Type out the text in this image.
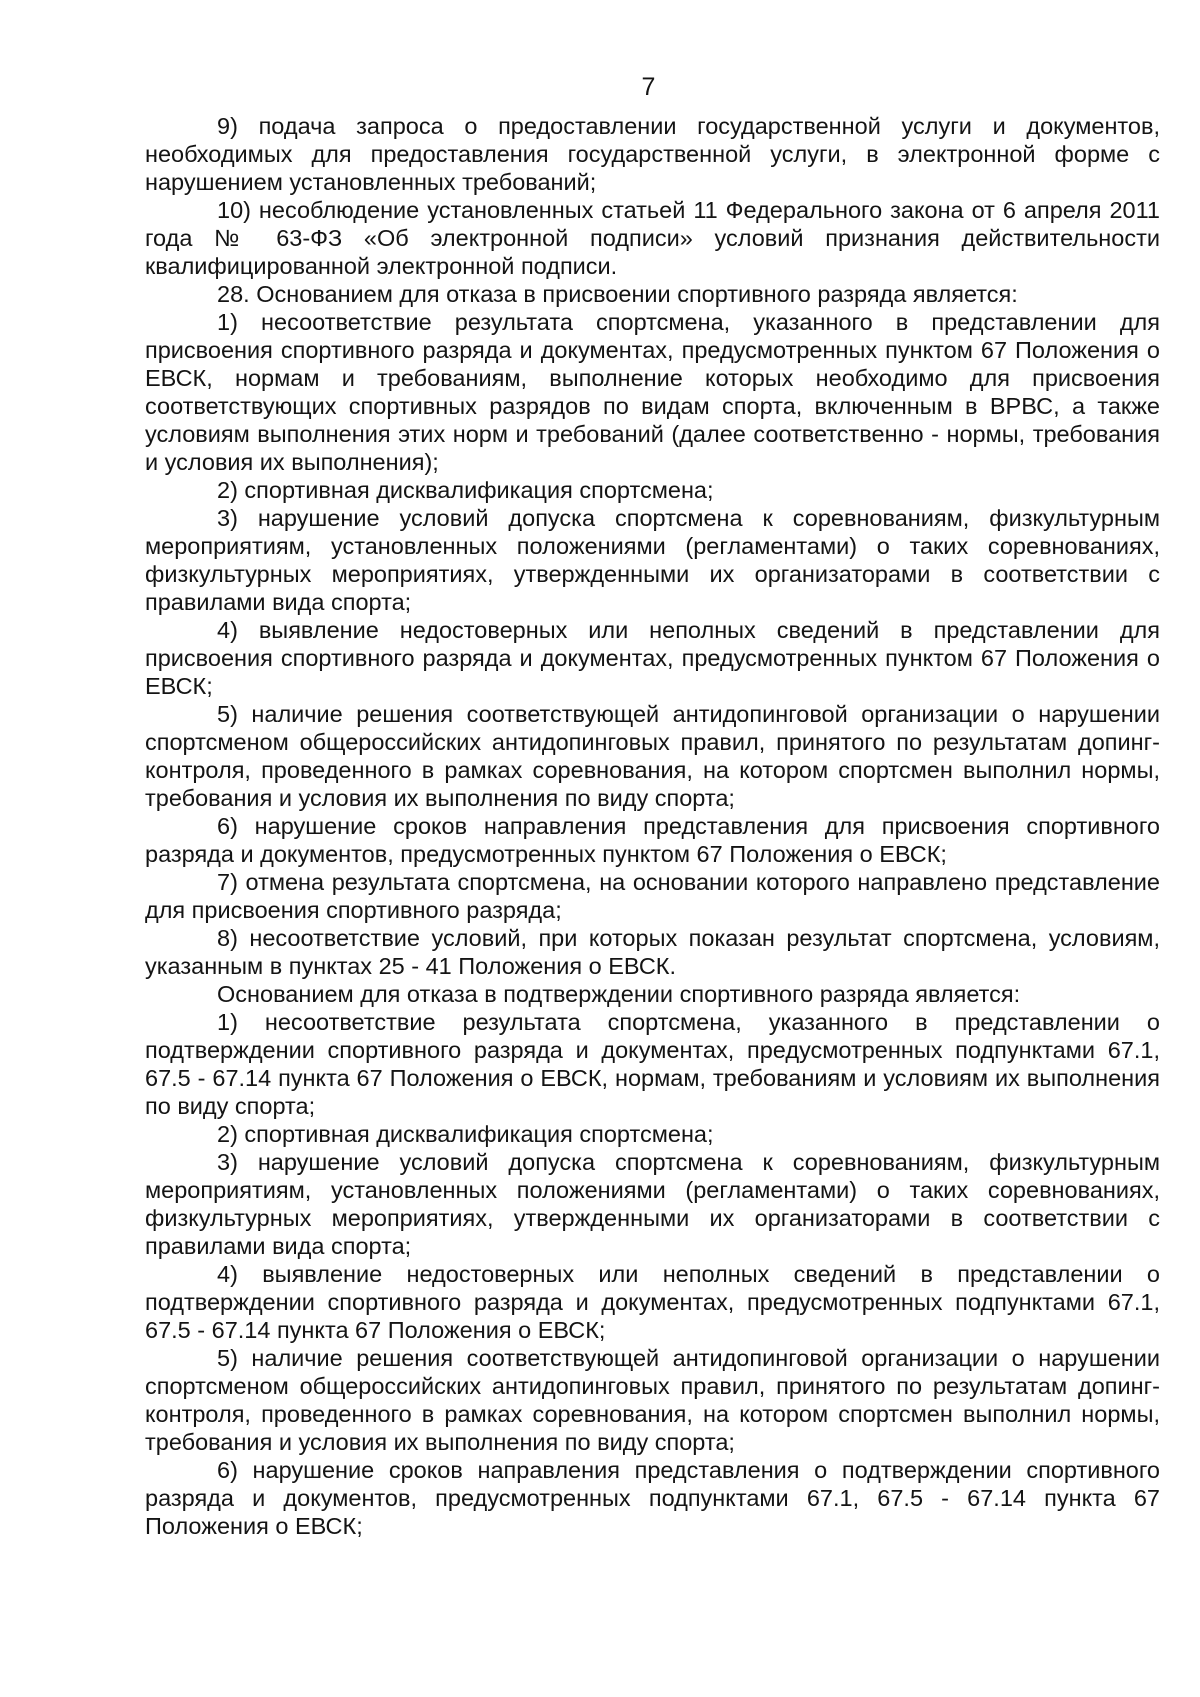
7

9) подача запроса о предоставлении государственной услуги и документов, необходимых для предоставления государственной услуги, в электронной форме с нарушением установленных требований;

10) несоблюдение установленных статьей 11 Федерального закона от 6 апреля 2011 года № 63-ФЗ «Об электронной подписи» условий признания действительности квалифицированной электронной подписи.

28. Основанием для отказа в присвоении спортивного разряда является:

1) несоответствие результата спортсмена, указанного в представлении для присвоения спортивного разряда и документах, предусмотренных пунктом 67 Положения о ЕВСК, нормам и требованиям, выполнение которых необходимо для присвоения соответствующих спортивных разрядов по видам спорта, включенным в ВРВС, а также условиям выполнения этих норм и требований (далее соответственно - нормы, требования и условия их выполнения);

2) спортивная дисквалификация спортсмена;

3) нарушение условий допуска спортсмена к соревнованиям, физкультурным мероприятиям, установленных положениями (регламентами) о таких соревнованиях, физкультурных мероприятиях, утвержденными их организаторами в соответствии с правилами вида спорта;

4) выявление недостоверных или неполных сведений в представлении для присвоения спортивного разряда и документах, предусмотренных пунктом 67 Положения о ЕВСК;

5) наличие решения соответствующей антидопинговой организации о нарушении спортсменом общероссийских антидопинговых правил, принятого по результатам допинг-контроля, проведенного в рамках соревнования, на котором спортсмен выполнил нормы, требования и условия их выполнения по виду спорта;

6) нарушение сроков направления представления для присвоения спортивного разряда и документов, предусмотренных пунктом 67 Положения о ЕВСК;

7) отмена результата спортсмена, на основании которого направлено представление для присвоения спортивного разряда;

8) несоответствие условий, при которых показан результат спортсмена, условиям, указанным в пунктах 25 - 41 Положения о ЕВСК.

Основанием для отказа в подтверждении спортивного разряда является:

1) несоответствие результата спортсмена, указанного в представлении о подтверждении спортивного разряда и документах, предусмотренных подпунктами 67.1, 67.5 - 67.14 пункта 67 Положения о ЕВСК, нормам, требованиям и условиям их выполнения по виду спорта;

2) спортивная дисквалификация спортсмена;

3) нарушение условий допуска спортсмена к соревнованиям, физкультурным мероприятиям, установленных положениями (регламентами) о таких соревнованиях, физкультурных мероприятиях, утвержденными их организаторами в соответствии с правилами вида спорта;

4) выявление недостоверных или неполных сведений в представлении о подтверждении спортивного разряда и документах, предусмотренных подпунктами 67.1, 67.5 - 67.14 пункта 67 Положения о ЕВСК;

5) наличие решения соответствующей антидопинговой организации о нарушении спортсменом общероссийских антидопинговых правил, принятого по результатам допинг-контроля, проведенного в рамках соревнования, на котором спортсмен выполнил нормы, требования и условия их выполнения по виду спорта;

6) нарушение сроков направления представления о подтверждении спортивного разряда и документов, предусмотренных подпунктами 67.1, 67.5 - 67.14 пункта 67 Положения о ЕВСК;
